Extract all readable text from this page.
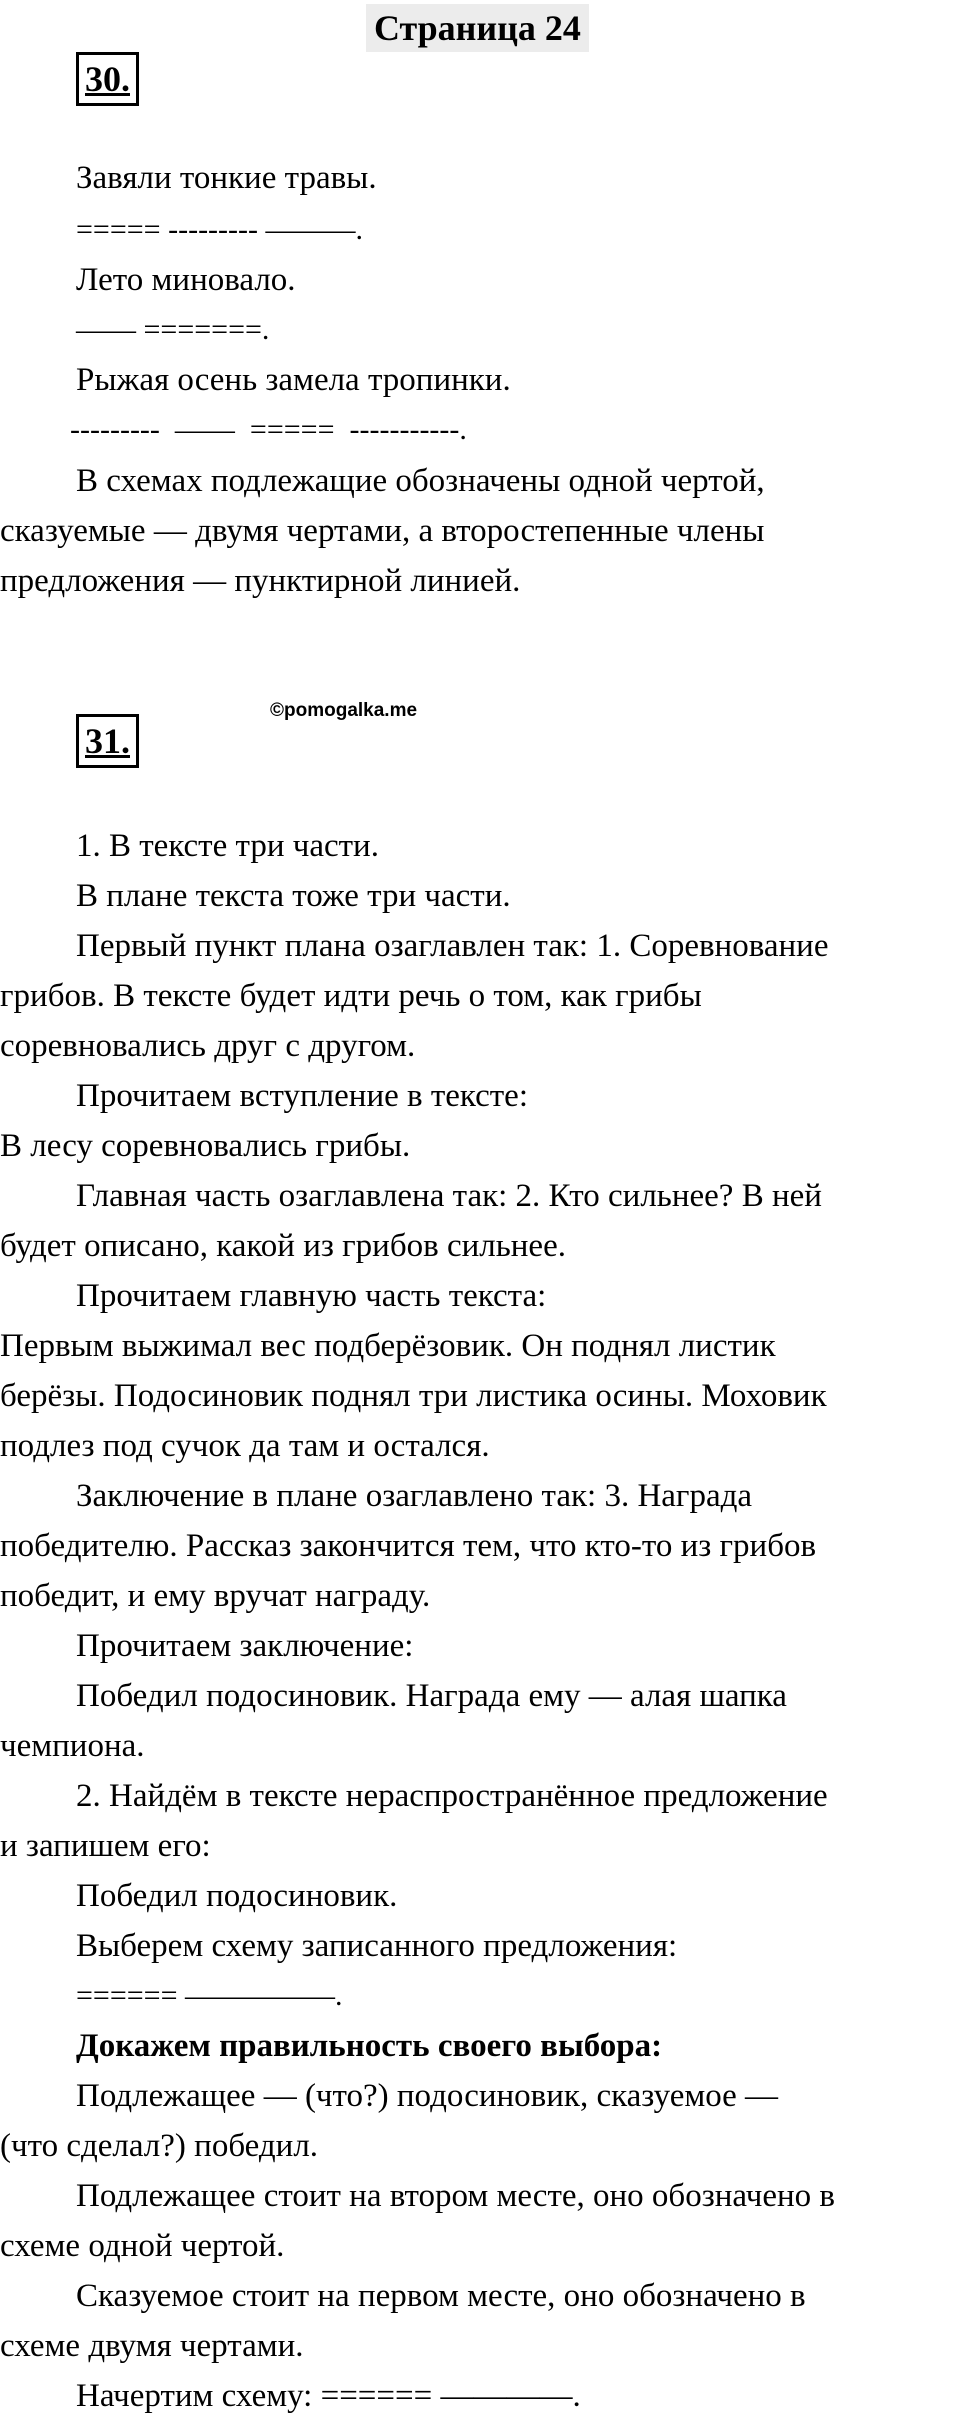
Страница 24
30.
Завяли тонкие травы.
===== --------- ———.
Лето миновало.
—— =======.
Рыжая осень замела тропинки.
---------  ——  =====  -----------.
В схемах подлежащие обозначены одной чертой,
сказуемые — двумя чертами, а второстепенные члены
предложения — пунктирной линией.
31.
©pomogalka.me
1. В тексте три части.
В плане текста тоже три части.
Первый пункт плана озаглавлен так: 1. Соревнование
грибов. В тексте будет идти речь о том, как грибы
соревновались друг с другом.
Прочитаем вступление в тексте:
В лесу соревновались грибы.
Главная часть озаглавлена так: 2. Кто сильнее? В ней
будет описано, какой из грибов сильнее.
Прочитаем главную часть текста:
Первым выжимал вес подберёзовик. Он поднял листик
берёзы. Подосиновик поднял три листика осины. Моховик
подлез под сучок да там и остался.
Заключение в плане озаглавлено так: 3. Награда
победителю. Рассказ закончится тем, что кто-то из грибов
победит, и ему вручат награду.
Прочитаем заключение:
Победил подосиновик. Награда ему — алая шапка
чемпиона.
2. Найдём в тексте нераспространённое предложение
и запишем его:
Победил подосиновик.
Выберем схему записанного предложения:
====== —————.
Докажем правильность своего выбора:
Подлежащее — (что?) подосиновик, сказуемое —
(что сделал?) победил.
Подлежащее стоит на втором месте, оно обозначено в
схеме одной чертой.
Сказуемое стоит на первом месте, оно обозначено в
схеме двумя чертами.
Начертим схему: ====== ————.
